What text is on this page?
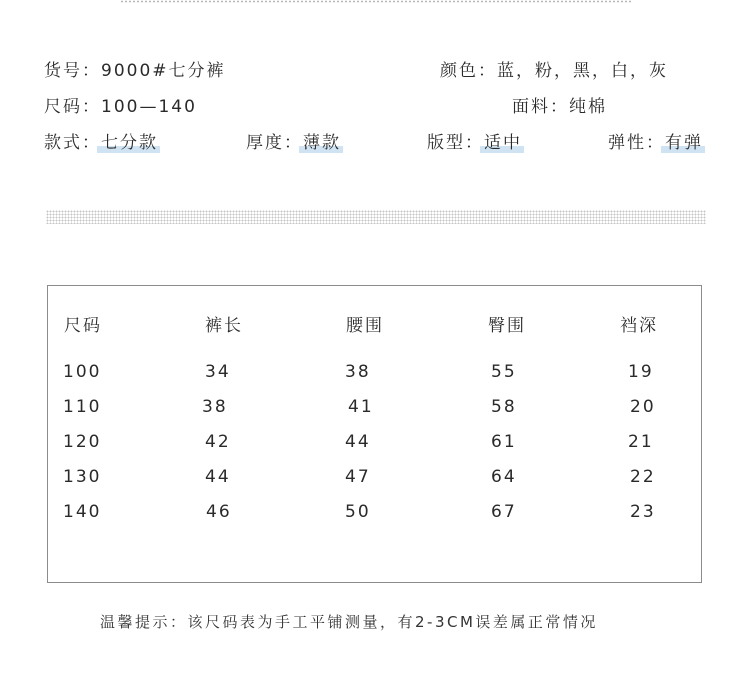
货号：9000#七分裤	颜色：蓝，粉，黑，白，灰
尺码：100—140	面料：纯棉
款式：七分款	厚度：薄款	版型：适中	弹性：有弹
尺码	裤长	腰围	臀围	裆深
100	34	38	55	19
110	38	41	58	20
120	42	44	61	21
130	44	47	64	22
140	46	50	67	23
温馨提示：该尺码表为手工平铺测量，有2-3CM误差属正常情况
